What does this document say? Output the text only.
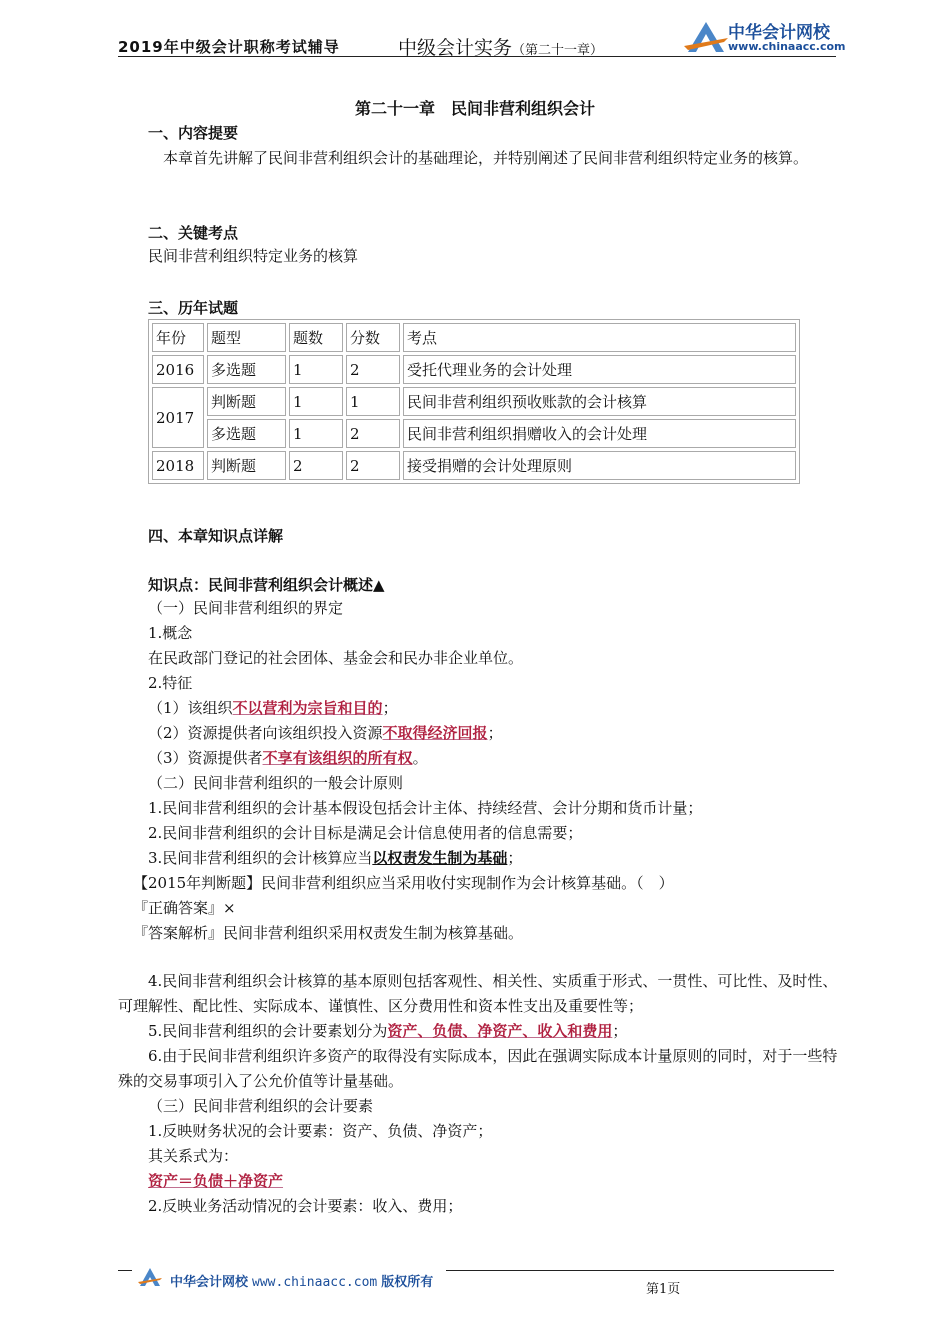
2019年中级会计职称考试辅导	中级会计实务（第二十一章）
中华会计网校
www.chinaacc.com
第二十一章　民间非营利组织会计
一、内容提要
本章首先讲解了民间非营利组织会计的基础理论，并特别阐述了民间非营利组织特定业务的核算。
二、关键考点
民间非营利组织特定业务的核算
三、历年试题
年份	题型	题数	分数	考点
2016	多选题	1	2	受托代理业务的会计处理
2017	判断题	1	1	民间非营利组织预收账款的会计核算
	多选题	1	2	民间非营利组织捐赠收入的会计处理
2018	判断题	2	2	接受捐赠的会计处理原则
四、本章知识点详解
知识点：民间非营利组织会计概述▲
（一）民间非营利组织的界定
1.概念
在民政部门登记的社会团体、基金会和民办非企业单位。
2.特征
（1）该组织不以营利为宗旨和目的；
（2）资源提供者向该组织投入资源不取得经济回报；
（3）资源提供者不享有该组织的所有权。
（二）民间非营利组织的一般会计原则
1.民间非营利组织的会计基本假设包括会计主体、持续经营、会计分期和货币计量；
2.民间非营利组织的会计目标是满足会计信息使用者的信息需要；
3.民间非营利组织的会计核算应当以权责发生制为基础；
【2015年判断题】民间非营利组织应当采用收付实现制作为会计核算基础。（　）
『正确答案』×
『答案解析』民间非营利组织采用权责发生制为核算基础。
4.民间非营利组织会计核算的基本原则包括客观性、相关性、实质重于形式、一贯性、可比性、及时性、可理解性、配比性、实际成本、谨慎性、区分费用性和资本性支出及重要性等；
5.民间非营利组织的会计要素划分为资产、负债、净资产、收入和费用；
6.由于民间非营利组织许多资产的取得没有实际成本，因此在强调实际成本计量原则的同时，对于一些特殊的交易事项引入了公允价值等计量基础。
（三）民间非营利组织的会计要素
1.反映财务状况的会计要素：资产、负债、净资产；
其关系式为：
资产＝负债＋净资产
2.反映业务活动情况的会计要素：收入、费用；
中华会计网校 www.chinaacc.com 版权所有	第1页
